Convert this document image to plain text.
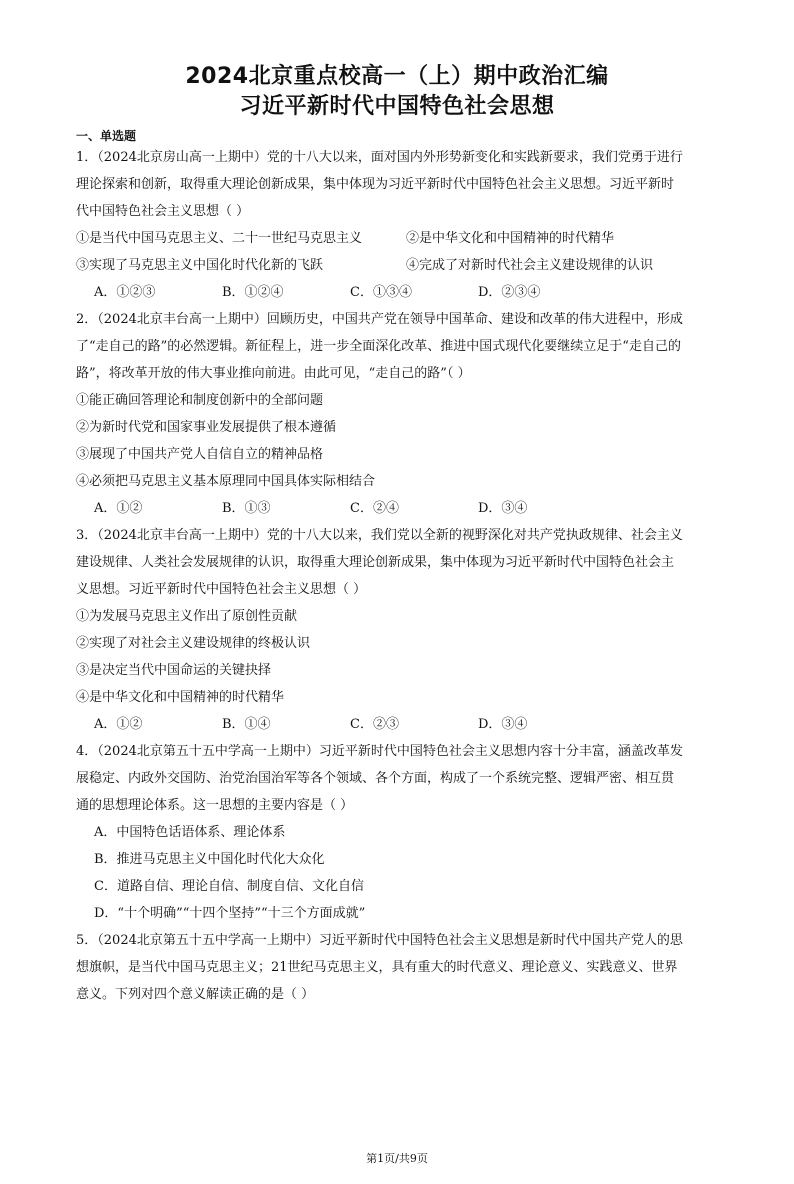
2024北京重点校高一（上）期中政治汇编
习近平新时代中国特色社会思想
一、单选题
1．（2024北京房山高一上期中）党的十八大以来，面对国内外形势新变化和实践新要求，我们党勇于进行
理论探索和创新，取得重大理论创新成果，集中体现为习近平新时代中国特色社会主义思想。习近平新时
代中国特色社会主义思想（ ）
①是当代中国马克思主义、二十一世纪马克思主义	②是中华文化和中国精神的时代精华
③实现了马克思主义中国化时代化新的飞跃	④完成了对新时代社会主义建设规律的认识
A．①②③	B．①②④	C．①③④	D．②③④
2．（2024北京丰台高一上期中）回顾历史，中国共产党在领导中国革命、建设和改革的伟大进程中，形成
了“走自己的路”的必然逻辑。新征程上，进一步全面深化改革、推进中国式现代化要继续立足于“走自己的
路”，将改革开放的伟大事业推向前进。由此可见，“走自己的路”（ ）
①能正确回答理论和制度创新中的全部问题
②为新时代党和国家事业发展提供了根本遵循
③展现了中国共产党人自信自立的精神品格
④必须把马克思主义基本原理同中国具体实际相结合
A．①②	B．①③	C．②④	D．③④
3．（2024北京丰台高一上期中）党的十八大以来，我们党以全新的视野深化对共产党执政规律、社会主义
建设规律、人类社会发展规律的认识，取得重大理论创新成果，集中体现为习近平新时代中国特色社会主
义思想。习近平新时代中国特色社会主义思想（ ）
①为发展马克思主义作出了原创性贡献
②实现了对社会主义建设规律的终极认识
③是决定当代中国命运的关键抉择
④是中华文化和中国精神的时代精华
A．①②	B．①④	C．②③	D．③④
4．（2024北京第五十五中学高一上期中）习近平新时代中国特色社会主义思想内容十分丰富，涵盖改革发
展稳定、内政外交国防、治党治国治军等各个领域、各个方面，构成了一个系统完整、逻辑严密、相互贯
通的思想理论体系。这一思想的主要内容是（ ）
A．中国特色话语体系、理论体系
B．推进马克思主义中国化时代化大众化
C．道路自信、理论自信、制度自信、文化自信
D．“十个明确”“十四个坚持”“十三个方面成就”
5．（2024北京第五十五中学高一上期中）习近平新时代中国特色社会主义思想是新时代中国共产党人的思
想旗帜，是当代中国马克思主义；21世纪马克思主义，具有重大的时代意义、理论意义、实践意义、世界
意义。下列对四个意义解读正确的是（ ）
第1页/共9页
